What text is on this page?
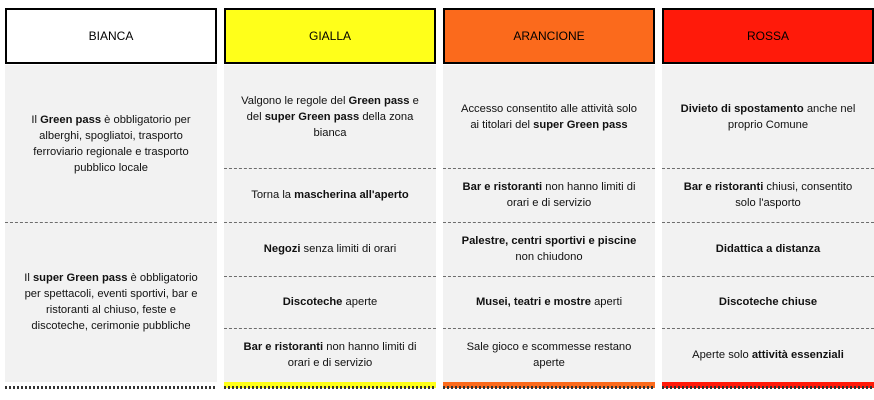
BIANCA
Il Green pass è obbligatorio per alberghi, spogliatoi, trasporto ferroviario regionale e trasporto pubblico locale
Il super Green pass è obbligatorio per spettacoli, eventi sportivi, bar e ristoranti al chiuso, feste e discoteche, cerimonie pubbliche
GIALLA
Valgono le regole del Green pass e del super Green pass della zona bianca
Torna la mascherina all'aperto
Negozi senza limiti di orari
Discoteche aperte
Bar e ristoranti non hanno limiti di orari e di servizio
ARANCIONE
Accesso consentito alle attività solo ai titolari del super Green pass
Bar e ristoranti non hanno limiti di orari e di servizio
Palestre, centri sportivi e piscine non chiudono
Musei, teatri e mostre aperti
Sale gioco e scommesse restano aperte
ROSSA
Divieto di spostamento anche nel proprio Comune
Bar e ristoranti chiusi, consentito solo l'asporto
Didattica a distanza
Discoteche chiuse
Aperte solo attività essenziali
